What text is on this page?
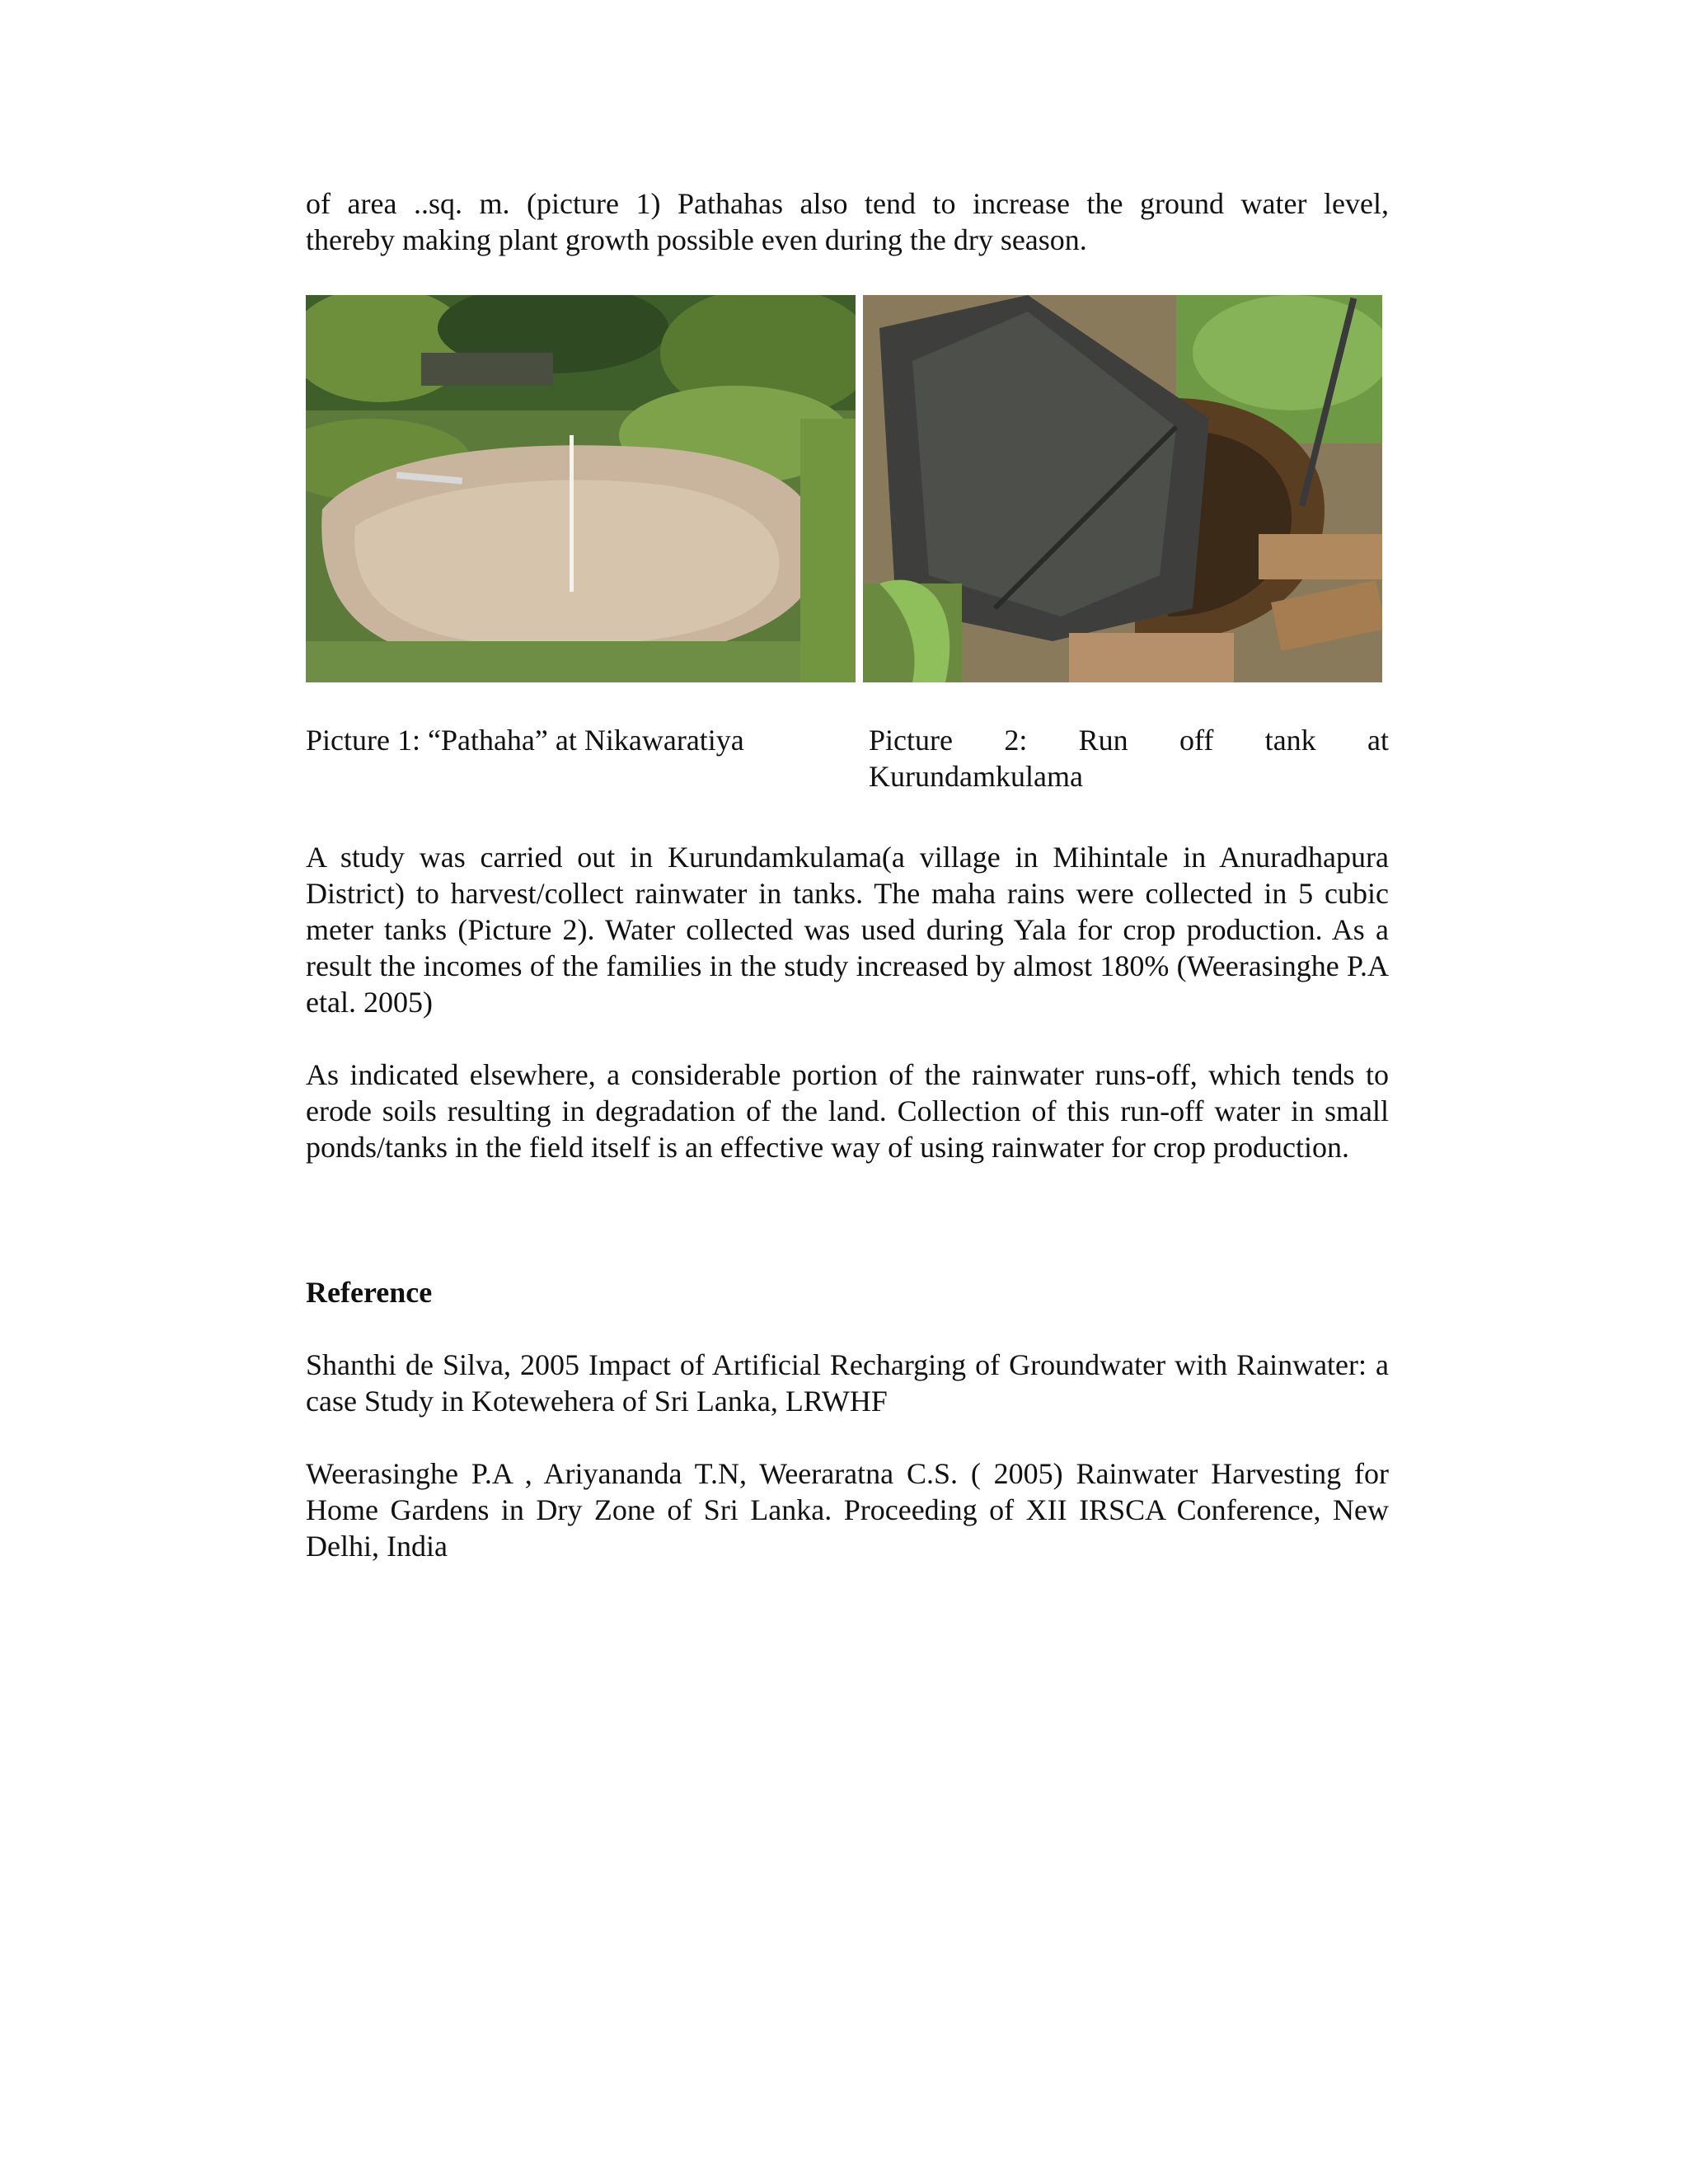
of area ..sq. m. (picture 1) Pathahas also tend to increase the ground water level,

thereby making plant growth possible even during the dry season.

Picture 1: “Pathaha” at Nikawaratiya	Picture 2: Run off tank at
Kurundamkulama

A study was carried out in Kurundamkulama(a village in Mihintale in Anuradhapura District) to harvest/collect rainwater in tanks. The maha rains were collected in 5 cubic meter tanks (Picture 2). Water collected was used during Yala for crop production. As a result the incomes of the families in the study increased by almost 180% (Weerasinghe P.A etal. 2005)

As indicated elsewhere, a considerable portion of the rainwater runs-off, which tends to erode soils resulting in degradation of the land. Collection of this run-off water in small ponds/tanks in the field itself is an effective way of using rainwater for crop production.

Reference

Shanthi de Silva, 2005 Impact of Artificial Recharging of Groundwater with Rainwater: a case Study in Kotewehera of Sri Lanka, LRWHF

Weerasinghe P.A , Ariyananda T.N, Weeraratna C.S. ( 2005) Rainwater Harvesting for Home Gardens in Dry Zone of Sri Lanka. Proceeding of XII IRSCA Conference, New Delhi, India
